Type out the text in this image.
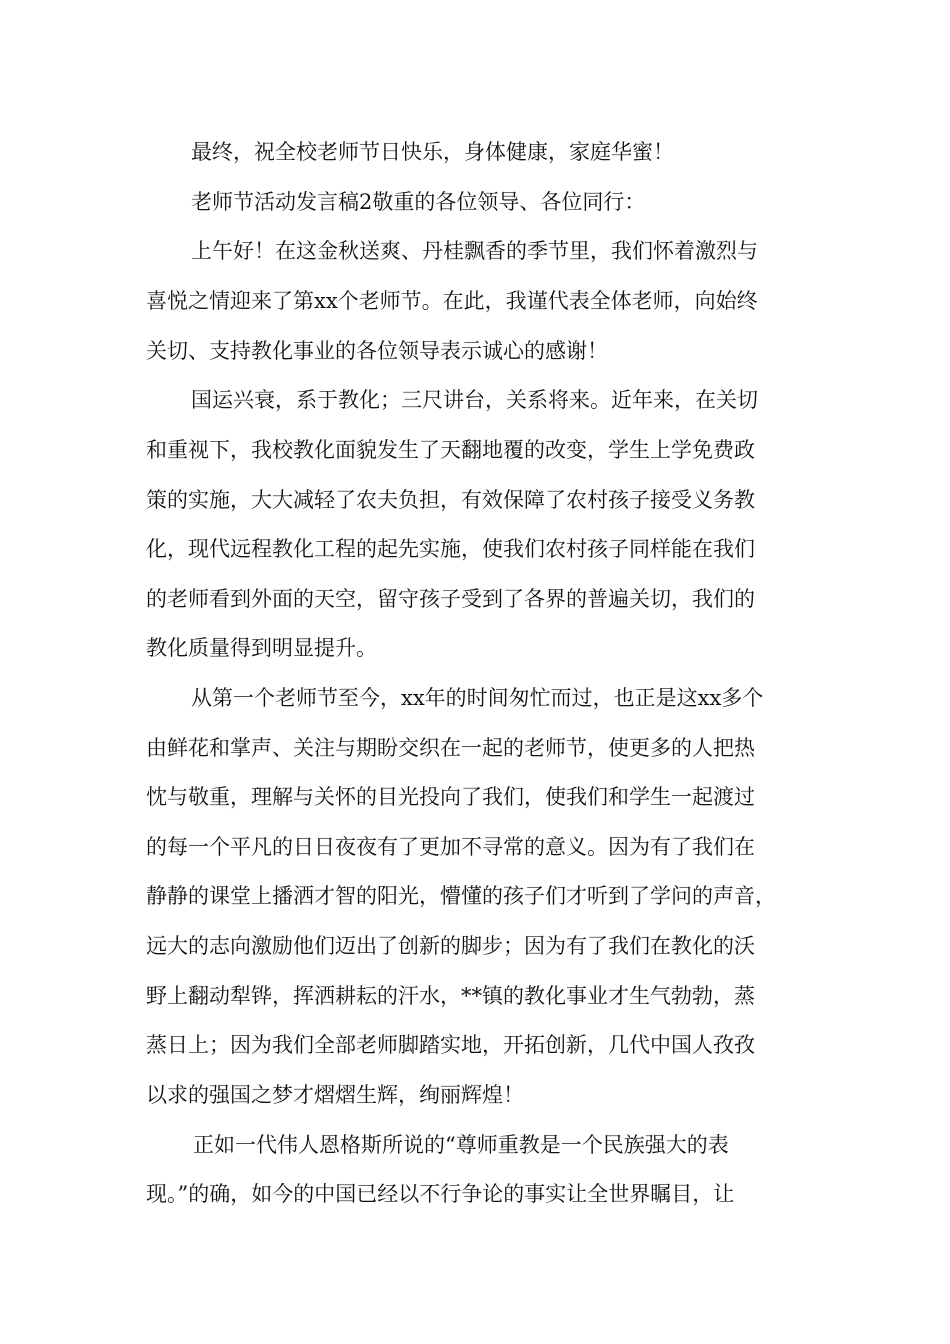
最终，祝全校老师节日快乐，身体健康，家庭华蜜！
老师节活动发言稿2敬重的各位领导、各位同行：
上午好！在这金秋送爽、丹桂飘香的季节里，我们怀着激烈与
喜悦之情迎来了第xx个老师节。在此，我谨代表全体老师，向始终
关切、支持教化事业的各位领导表示诚心的感谢！
国运兴衰，系于教化；三尺讲台，关系将来。近年来，在关切
和重视下，我校教化面貌发生了天翻地覆的改变，学生上学免费政
策的实施，大大减轻了农夫负担，有效保障了农村孩子接受义务教
化，现代远程教化工程的起先实施，使我们农村孩子同样能在我们
的老师看到外面的天空，留守孩子受到了各界的普遍关切，我们的
教化质量得到明显提升。
从第一个老师节至今，xx年的时间匆忙而过，也正是这xx多个
由鲜花和掌声、关注与期盼交织在一起的老师节，使更多的人把热
忱与敬重，理解与关怀的目光投向了我们，使我们和学生一起渡过
的每一个平凡的日日夜夜有了更加不寻常的意义。因为有了我们在
静静的课堂上播洒才智的阳光，懵懂的孩子们才听到了学问的声音，
远大的志向激励他们迈出了创新的脚步；因为有了我们在教化的沃
野上翻动犁铧，挥洒耕耘的汗水，**镇的教化事业才生气勃勃，蒸
蒸日上；因为我们全部老师脚踏实地，开拓创新，几代中国人孜孜
以求的强国之梦才熠熠生辉，绚丽辉煌！
正如一代伟人恩格斯所说的“尊师重教是一个民族强大的表
现。”的确，如今的中国已经以不行争论的事实让全世界瞩目，让
